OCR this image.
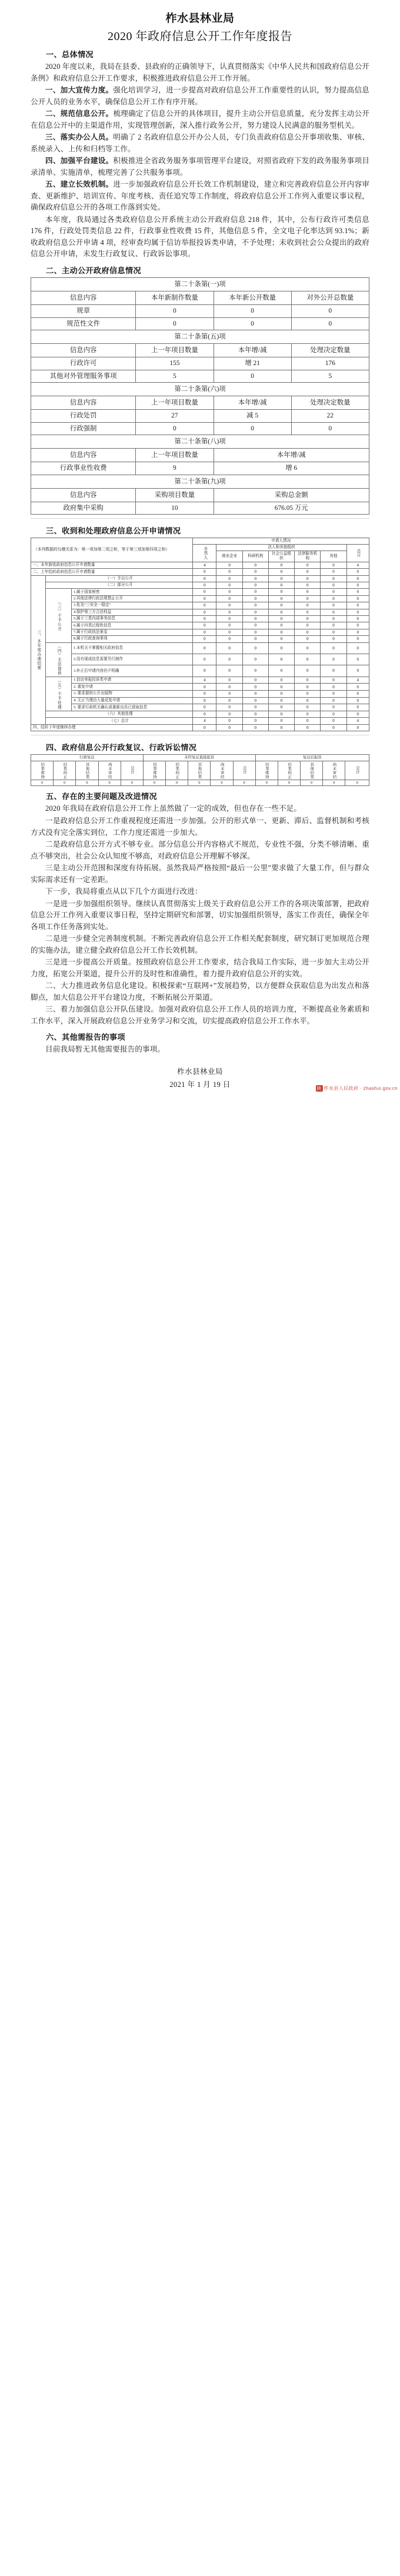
柞水县林业局
2020 年政府信息公开工作年度报告
一、总体情况

2020 年度以来，我局在县委、县政府的正确领导下，认真贯彻落实《中华人民共和国政府信息公开条例》和政府信息公开工作要求，积极推进政府信息公开工作开展。

一、加大宣传力度。强化培训学习，进一步提高对政府信息公开工作重要性的认识，努力提高信息公开人员的业务水平，确保信息公开工作有序开展。

二、规范信息公开。梳理确定了信息公开的具体项目，提升主动公开信息质量，充分发挥主动公开在信息公开中的主渠道作用，实现管理创新，深入推行政务公开，努力建设人民满意的服务型机关。

三、落实办公人员。明确了 2 名政府信息公开办公人员，专门负责政府信息公开事项收集、审核、系统录入、上传和归档等工作。

四、加强平台建设。积极推进全省政务服务事项管理平台建设，对照省政府下发的政务服务事项目录清单、实施清单，梳理完善了公共服务事项。

五、建立长效机制。进一步加强政府信息公开长效工作机制建设，建立和完善政府信息公开内容审查、更新维护、培训宣传、年度考核、责任追究等工作制度，将政府信息公开工作列入重要议事议程，确保政府信息公开的各项工作落到实处。

本年度，我局通过各类政府信息公开系统主动公开政府信息 218 件，其中，公布行政许可类信息 176 件，行政处罚类信息 22 件，行政事业性收费 15 件，其他信息 5 件，全文电子化率达到 93.1%；新收政府信息公开申请 4 项，经审查均属于信访举报投诉类申请，不予处理；未收到社会公众提出的政府信息公开申请，未发生行政复议、行政诉讼事项。

二、主动公开政府信息情况
第二十条第(一)项			
信息内容	本年新制作数量	本年新公开数量	对外公开总数量
规章	0	0	0
规范性文件	0	0	0
第二十条第(五)项			
信息内容	上一年项目数量	本年增/减	处理决定数量
行政许可	155	增 21	176
其他对外管理服务事项	5	0	5
第二十条第(六)项			
信息内容	上一年项目数量	本年增/减	处理决定数量
行政处罚	27	减 5	22
行政强制	0	0	0
第二十条第(八)项			
信息内容	上一年项目数量	本年增/减	
行政事业性收费	9	增 6	
第二十条第(九)项			
信息内容	采购项目数量	采购总金额	
政府集中采购	10	676.05 万元	
三、收到和处理政府信息公开申请情况
（本列数据的勾稽关系为：第一项加第二项之和，等于第三项加第四项之和）			申请人情况						
			自然人	法人和其他组织					总计
				商业企业	科研机构	社会公益组织	法律服务机构	其他	
一、本年新收政府信息公开申请数量			4	0	0	0	0	0	4
二、上年结转政府信息公开申请数量			0	0	0	0	0	0	0
三、本年度办理结果	（一）予以公开		0	0	0	0	0	0	0
	（二）部分公开		0	0	0	0	0	0	0
	（三）不予公开	1.属于国家秘密	0	0	0	0	0	0	0
		2.其他法律行政法规禁止公开	0	0	0	0	0	0	0
		3.危及“三安全一稳定”	0	0	0	0	0	0	0
		4.保护第三方合法权益	0	0	0	0	0	0	0
		5.属于三类内部事务信息	0	0	0	0	0	0	0
		6.属于四类过程性信息	0	0	0	0	0	0	0
		7.属于行政执法案卷	0	0	0	0	0	0	0
		8.属于行政查询事项	0	0	0	0	0	0	0
	（四）无法提供	1.本机关不掌握相关政府信息	0	0	0	0	0	0	0
		2.没有现成信息需要另行制作	0	0	0	0	0	0	0
		3.补正后申请内容仍不明确	0	0	0	0	0	0	0
	（五）不予处理	1.信访举报投诉类申请	4	0	0	0	0	0	4
		2. 重复申请	0	0	0	0	0	0	0
		3. 要求提供公开出版物	0	0	0	0	0	0	0
		4. 无正当理由大量反复申请	0	0	0	0	0	0	0
		5. 要求行政机关确认或重新出具已获取信息	0	0	0	0	0	0	0
	（六）其他处理		0	0	0	0	0	0	0
	（七）总计		4	0	0	0	0	0	4
四、结转下年度继续办理			0	0	0	0	0	0	0
四、政府信息公开行政复议、行政诉讼情况
行政复议					未经复议直接起诉					复议后起诉				
结果维持	结果纠正	其他结果	尚未审结	总计	结果维持	结果纠正	其他结果	尚未审结	总计	结果维持	结果纠正	其他结果	尚未审结	总计
0	0	0	0	0	0	0	0	0	0	0	0	0	0	0
五、存在的主要问题及改进情况

2020 年我局在政府信息公开工作上虽然做了一定的成效，但也存在一些不足。

一是政府信息公开工作重视程度还需进一步加强。公开的形式单一、更新、滞后、监督机制和考核方式没有完全落实到位，工作力度还需进一步加大。

二是政府信息公开方式不够专业。部分信息公开内容格式不规范，专业性不强，分类不够清晰、重点不够突出，社会公众认知度不够高，对政府信息公开理解不够深。

三是主动公开范围和深度有待拓展。虽然我局严格按照“最后一公里”要求做了大量工作，但与群众实际需求还有一定差距。

下一步，我局将重点从以下几个方面进行改进：

一是进一步加强组织领导。继续认真贯彻落实上级关于政府信息公开工作的各项决策部署，把政府信息公开工作列入重要议事日程，坚持定期研究和部署，切实加强组织领导，落实工作责任，确保全年各项工作任务落到实处。

二是进一步健全完善制度机制。不断完善政府信息公开工作相关配套制度，研究制订更加规范合理的实施办法，建立健全政府信息公开工作长效机制。

三是进一步提高公开质量。按照政府信息公开工作要求，结合我局工作实际，进一步加大主动公开力度，拓宽公开渠道，提升公开的及时性和准确性，着力提升政府信息公开的实效。

二、大力推进政务信息化建设。积极探索“互联网+”发展趋势，以方便群众获取信息为出发点和落脚点，加大信息公开平台建设力度，不断拓展公开渠道。

三、着力加强信息公开队伍建设。加强对政府信息公开工作人员的培训力度，不断提高业务素质和工作水平，深入开展政府信息公开业务学习和交流，切实提高政府信息公开工作水平。

六、其他需报告的事项

目前我局暂无其他需要报告的事项。

柞水县林业局

2021 年 1 月 19 日	陕 柞水县人民政府 · zhashui.gov.cn
